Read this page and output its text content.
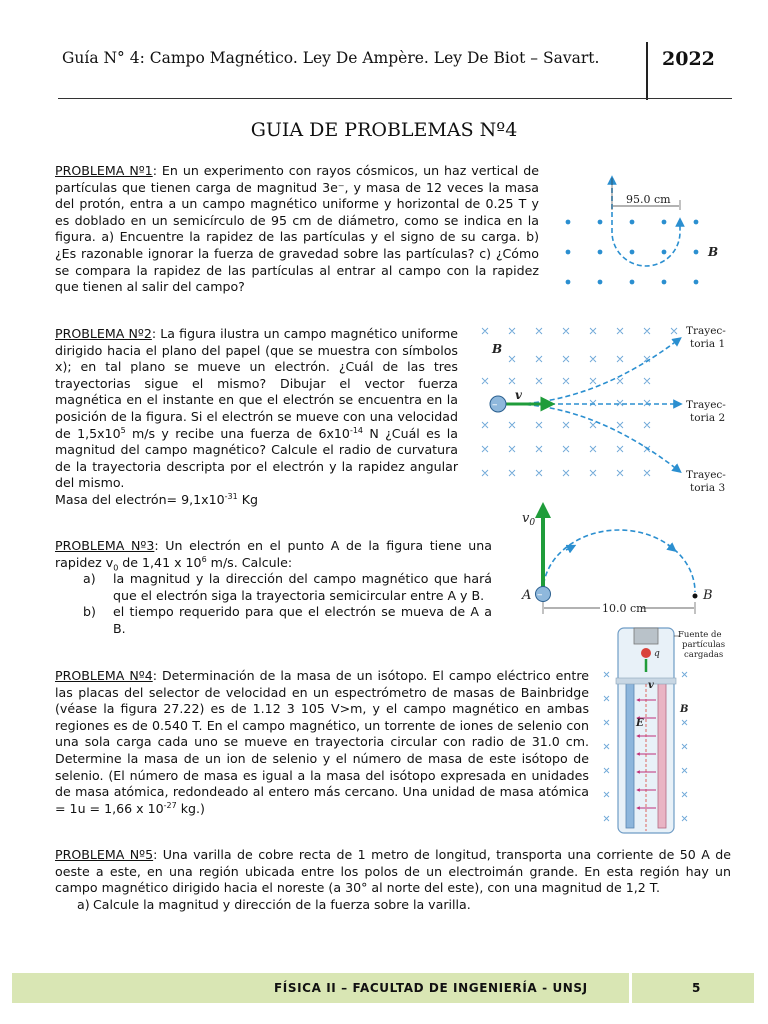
Guía N° 4: Campo Magnético. Ley De Ampère. Ley De Biot – Savart.	2022
GUIA DE PROBLEMAS Nº4
PROBLEMA Nº1: En un experimento con rayos cósmicos, un haz vertical de partículas que tienen carga de magnitud 3e⁻, y masa de 12 veces la masa del protón, entra a un campo magnético uniforme y horizontal de 0.25 T y es doblado en un semicírculo de 95 cm de diámetro, como se indica en la figura. a) Encuentre la rapidez de las partículas y el signo de su carga. b) ¿Es razonable ignorar la fuerza de gravedad sobre las partículas? c) ¿Cómo se compara la rapidez de las partículas al entrar al campo con la rapidez que tienen al salir del campo?
95.0 cm
B
PROBLEMA Nº2: La figura ilustra un campo magnético uniforme dirigido hacia el plano del papel (que se muestra con símbolos x); en tal plano se mueve un electrón. ¿Cuál de las tres trayectorias sigue el mismo? Dibujar el vector fuerza magnética en el instante en que el electrón se encuentra en la posición de la figura. Si el electrón se mueve con una velocidad de $1,5x10^5$ m/s y recibe una fuerza de $6x10^{-14}$ N ¿Cuál es la magnitud del campo magnético? Calcule el radio de curvatura de la trayectoria descripta por el electrón y la rapidez angular del mismo.
Masa del electrón= $9,1x10^{-31}$ Kg
B
–
v
Trayec-
toria 1
Trayec-
toria 2
Trayec-
toria 3
PROBLEMA Nº3: Un electrón en el punto A de la figura tiene una rapidez $v_0$ de 1,41 x $10^6$ m/s. Calcule:
a)	la magnitud y la dirección del campo magnético que hará que el electrón siga la trayectoria semicircular entre A y B.
b)	el tiempo requerido para que el electrón se mueva de A a B.
–
$v_0$
A	B
10.0 cm
PROBLEMA Nº4: Determinación de la masa de un isótopo. El campo eléctrico entre las placas del selector de velocidad en un espectrómetro de masas de Bainbridge (véase la figura 27.22) es de 1.12 3 105 V>m, y el campo magnético en ambas regiones es de 0.540 T. En el campo magnético, un torrente de iones de selenio con una sola carga cada uno se mueve en trayectoria circular con radio de 31.0 cm. Determine la masa de un ion de selenio y el número de masa de este isótopo de selenio. (El número de masa es igual a la masa del isótopo expresada en unidades de masa atómica, redondeado al entero más cercano. Una unidad de masa atómica = 1u = 1,66 x $10^{-27}$ kg.)
q
v
E
B
Fuente de
partículas
cargadas
PROBLEMA Nº5: Una varilla de cobre recta de 1 metro de longitud, transporta una corriente de 50 A de oeste a este, en una región ubicada entre los polos de un electroimán grande. En esta región hay un campo magnético dirigido hacia el noreste (a 30° al norte del este), con una magnitud de 1,2 T.
a) Calcule la magnitud y dirección de la fuerza sobre la varilla.
FÍSICA II – FACULTAD DE INGENIERÍA - UNSJ	5
